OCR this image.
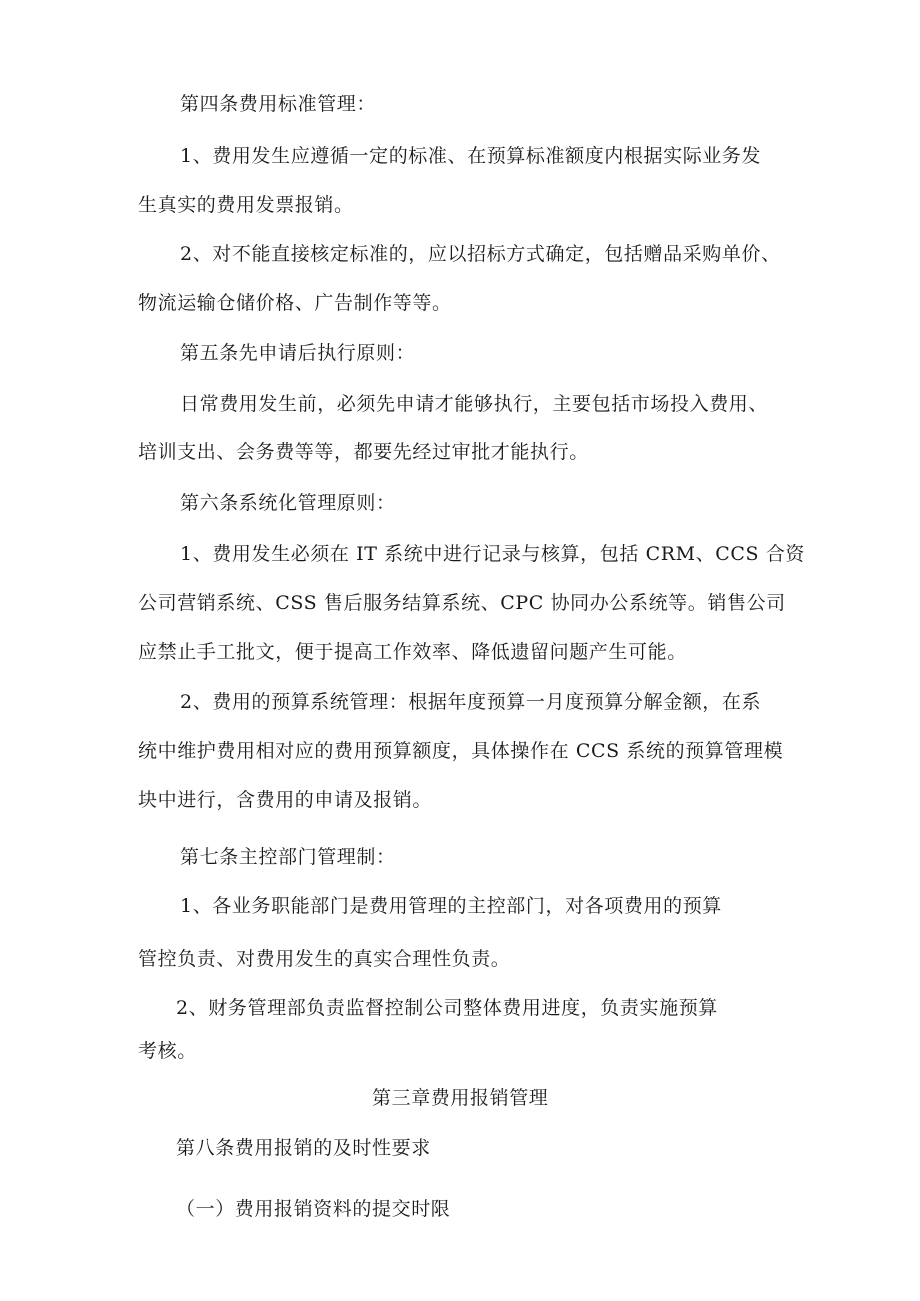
第四条费用标准管理：
1、费用发生应遵循一定的标准、在预算标准额度内根据实际业务发
生真实的费用发票报销。
2、对不能直接核定标准的，应以招标方式确定，包括赠品采购单价、
物流运输仓储价格、广告制作等等。
第五条先申请后执行原则：
日常费用发生前，必须先申请才能够执行，主要包括市场投入费用、
培训支出、会务费等等，都要先经过审批才能执行。
第六条系统化管理原则：
1、费用发生必须在 IT 系统中进行记录与核算，包括 CRM、CCS 合资
公司营销系统、CSS 售后服务结算系统、CPC 协同办公系统等。销售公司
应禁止手工批文，便于提高工作效率、降低遗留问题产生可能。
2、费用的预算系统管理：根据年度预算一月度预算分解金额，在系
统中维护费用相对应的费用预算额度，具体操作在 CCS 系统的预算管理模
块中进行，含费用的申请及报销。
第七条主控部门管理制：
1、各业务职能部门是费用管理的主控部门，对各项费用的预算
管控负责、对费用发生的真实合理性负责。
2、财务管理部负责监督控制公司整体费用进度，负责实施预算
考核。
第三章费用报销管理
第八条费用报销的及时性要求
（一）费用报销资料的提交时限
